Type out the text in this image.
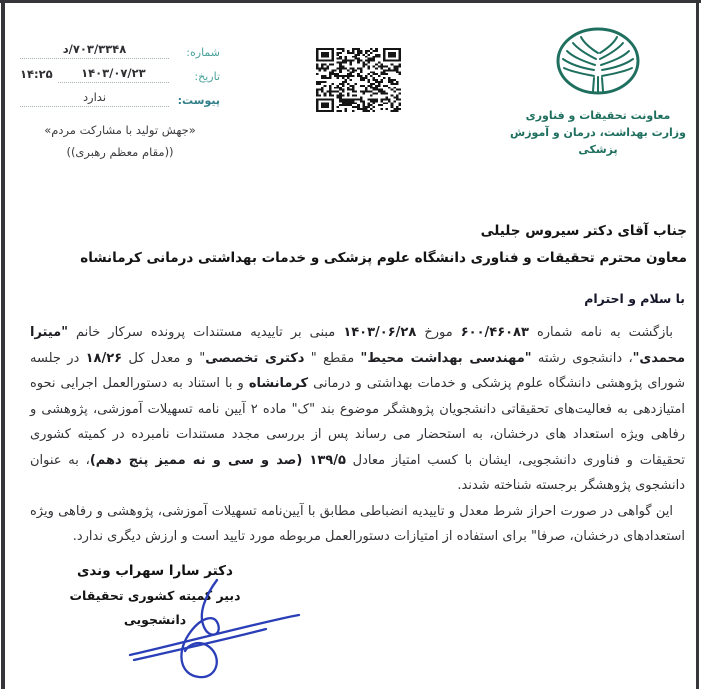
شماره:
د/۷۰۳/۳۳۴۸
تاریخ:
۱۴۰۳/۰۷/۲۳
۱۴:۲۵
پیوست:
ندارد
«جهش تولید با مشارکت مردم»
((مقام معظم رهبری))
معاونت تحقیقات و فناوری
وزارت بهداشت، درمان و آموزش پزشکی
جناب آقای دکتر سیروس جلیلی
معاون محترم تحقیقات و فناوری دانشگاه علوم پزشکی و خدمات بهداشتی درمانی کرمانشاه
با سلام و احترام

بازگشت به نامه شماره ۶۰۰/۴۶۰۸۳ مورخ ۱۴۰۳/۰۶/۲۸ مبنی بر تاییدیه مستندات پرونده سرکار خانم "میترا محمدی"، دانشجوی رشته "مهندسی بهداشت محیط" مقطع " دکتری تخصصی" و معدل کل ۱۸/۲۶ در جلسه شورای پژوهشی دانشگاه علوم پزشکی و خدمات بهداشتی و درمانی کرمانشاه و با استناد به دستورالعمل اجرایی نحوه امتیازدهی به فعالیت‌های تحقیقاتی دانشجویان پژوهشگر موضوع بند "ک" ماده ۲ آیین نامه تسهیلات آموزشی، پژوهشی و رفاهی ویژه استعداد های درخشان، به استحضار می رساند پس از بررسی مجدد مستندات نامبرده در کمیته کشوری تحقیقات و فناوری دانشجویی، ایشان با کسب امتیاز معادل ۱۳۹/۵ (صد و سی و نه ممیز پنج دهم)، به عنوان دانشجوی پژوهشگر برجسته شناخته شدند.

این گواهی در صورت احراز شرط معدل و تاییدیه انضباطی مطابق با آیین‌نامه تسهیلات آموزشی، پژوهشی و رفاهی ویژه استعدادهای درخشان، صرفا" برای استفاده از امتیازات دستورالعمل مربوطه مورد تایید است و ارزش دیگری ندارد.

دکتر سارا سهراب وندی
دبیر کمیته کشوری تحقیقات دانشجویی
